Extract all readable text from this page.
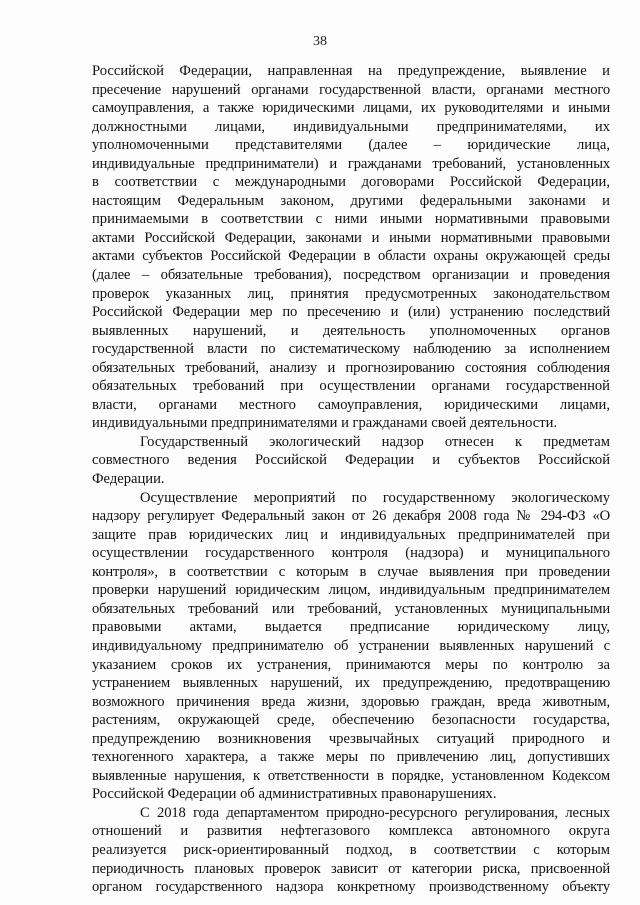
38
Российской Федерации, направленная на предупреждение, выявление и
пресечение нарушений органами государственной власти, органами местного
самоуправления, а также юридическими лицами, их руководителями и иными
должностными лицами, индивидуальными предпринимателями, их
уполномоченными представителями (далее – юридические лица,
индивидуальные предприниматели) и гражданами требований, установленных
в соответствии с международными договорами Российской Федерации,
настоящим Федеральным законом, другими федеральными законами и
принимаемыми в соответствии с ними иными нормативными правовыми
актами Российской Федерации, законами и иными нормативными правовыми
актами субъектов Российской Федерации в области охраны окружающей среды
(далее – обязательные требования), посредством организации и проведения
проверок указанных лиц, принятия предусмотренных законодательством
Российской Федерации мер по пресечению и (или) устранению последствий
выявленных нарушений, и деятельность уполномоченных органов
государственной власти по систематическому наблюдению за исполнением
обязательных требований, анализу и прогнозированию состояния соблюдения
обязательных требований при осуществлении органами государственной
власти, органами местного самоуправления, юридическими лицами,
индивидуальными предпринимателями и гражданами своей деятельности.
Государственный экологический надзор отнесен к предметам
совместного ведения Российской Федерации и субъектов Российской
Федерации.
Осуществление мероприятий по государственному экологическому
надзору регулирует Федеральный закон от 26 декабря 2008 года № 294-ФЗ «О
защите прав юридических лиц и индивидуальных предпринимателей при
осуществлении государственного контроля (надзора) и муниципального
контроля», в соответствии с которым в случае выявления при проведении
проверки нарушений юридическим лицом, индивидуальным предпринимателем
обязательных требований или требований, установленных муниципальными
правовыми актами, выдается предписание юридическому лицу,
индивидуальному предпринимателю об устранении выявленных нарушений с
указанием сроков их устранения, принимаются меры по контролю за
устранением выявленных нарушений, их предупреждению, предотвращению
возможного причинения вреда жизни, здоровью граждан, вреда животным,
растениям, окружающей среде, обеспечению безопасности государства,
предупреждению возникновения чрезвычайных ситуаций природного и
техногенного характера, а также меры по привлечению лиц, допустивших
выявленные нарушения, к ответственности в порядке, установленном Кодексом
Российской Федерации об административных правонарушениях.
С 2018 года департаментом природно-ресурсного регулирования, лесных
отношений и развития нефтегазового комплекса автономного округа
реализуется риск-ориентированный подход, в соответствии с которым
периодичность плановых проверок зависит от категории риска, присвоенной
органом государственного надзора конкретному производственному объекту
